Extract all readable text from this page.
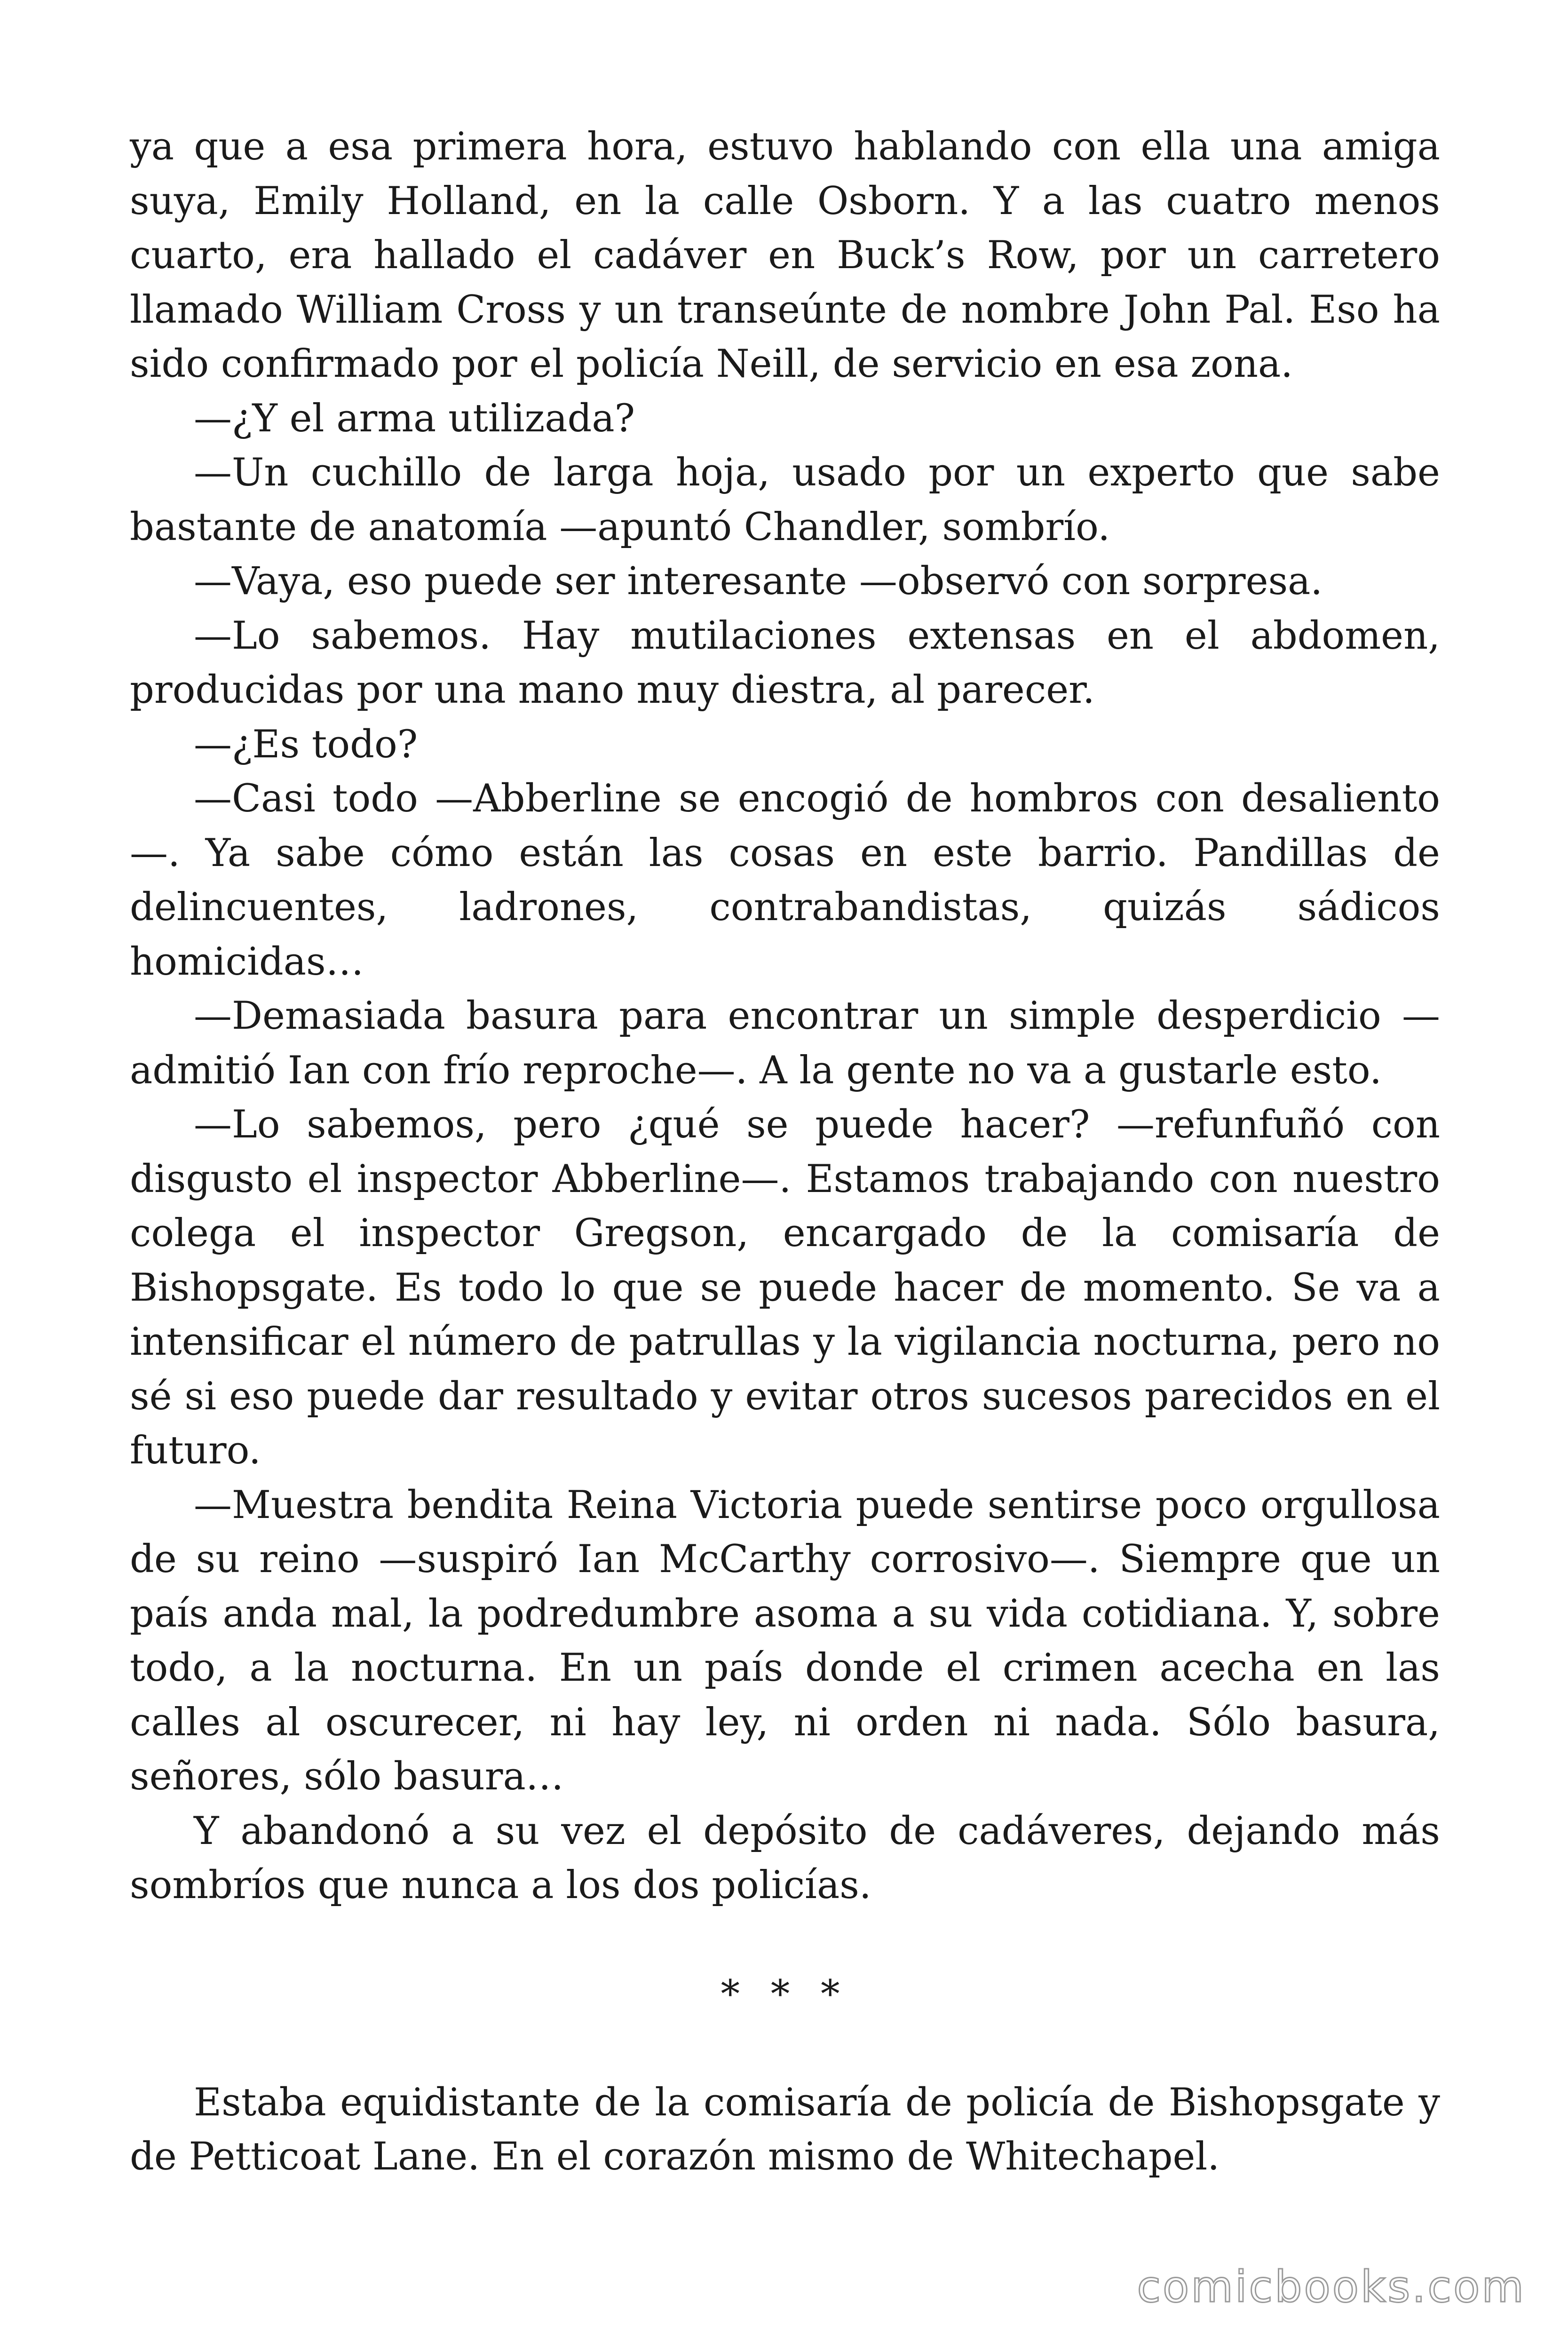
ya que a esa primera hora, estuvo hablando con ella una amiga suya, Emily Holland, en la calle Osborn. Y a las cuatro menos cuarto, era hallado el cadáver en Buck’s Row, por un carretero llamado William Cross y un transeúnte de nombre John Pal. Eso ha sido confirmado por el policía Neill, de servicio en esa zona.

—¿Y el arma utilizada?

—Un cuchillo de larga hoja, usado por un experto que sabe bastante de anatomía —apuntó Chandler, sombrío.

—Vaya, eso puede ser interesante —observó con sorpresa.

—Lo sabemos. Hay mutilaciones extensas en el abdomen, producidas por una mano muy diestra, al parecer.

—¿Es todo?

—Casi todo —Abberline se encogió de hombros con desaliento—. Ya sabe cómo están las cosas en este barrio. Pandillas de delincuentes, ladrones, contrabandistas, quizás sádicos homicidas…

—Demasiada basura para encontrar un simple desperdicio —admitió Ian con frío reproche—. A la gente no va a gustarle esto.

—Lo sabemos, pero ¿qué se puede hacer? —refunfuñó con disgusto el inspector Abberline—. Estamos trabajando con nuestro colega el inspector Gregson, encargado de la comisaría de Bishopsgate. Es todo lo que se puede hacer de momento. Se va a intensificar el número de patrullas y la vigilancia nocturna, pero no sé si eso puede dar resultado y evitar otros sucesos parecidos en el futuro.

—Muestra bendita Reina Victoria puede sentirse poco orgullosa de su reino —suspiró Ian McCarthy corrosivo—. Siempre que un país anda mal, la podredumbre asoma a su vida cotidiana. Y, sobre todo, a la nocturna. En un país donde el crimen acecha en las calles al oscurecer, ni hay ley, ni orden ni nada. Sólo basura, señores, sólo basura…

Y abandonó a su vez el depósito de cadáveres, dejando más sombríos que nunca a los dos policías.

* * *

Estaba equidistante de la comisaría de policía de Bishopsgate y de Petticoat Lane. En el corazón mismo de Whitechapel.

comicbooks.com
